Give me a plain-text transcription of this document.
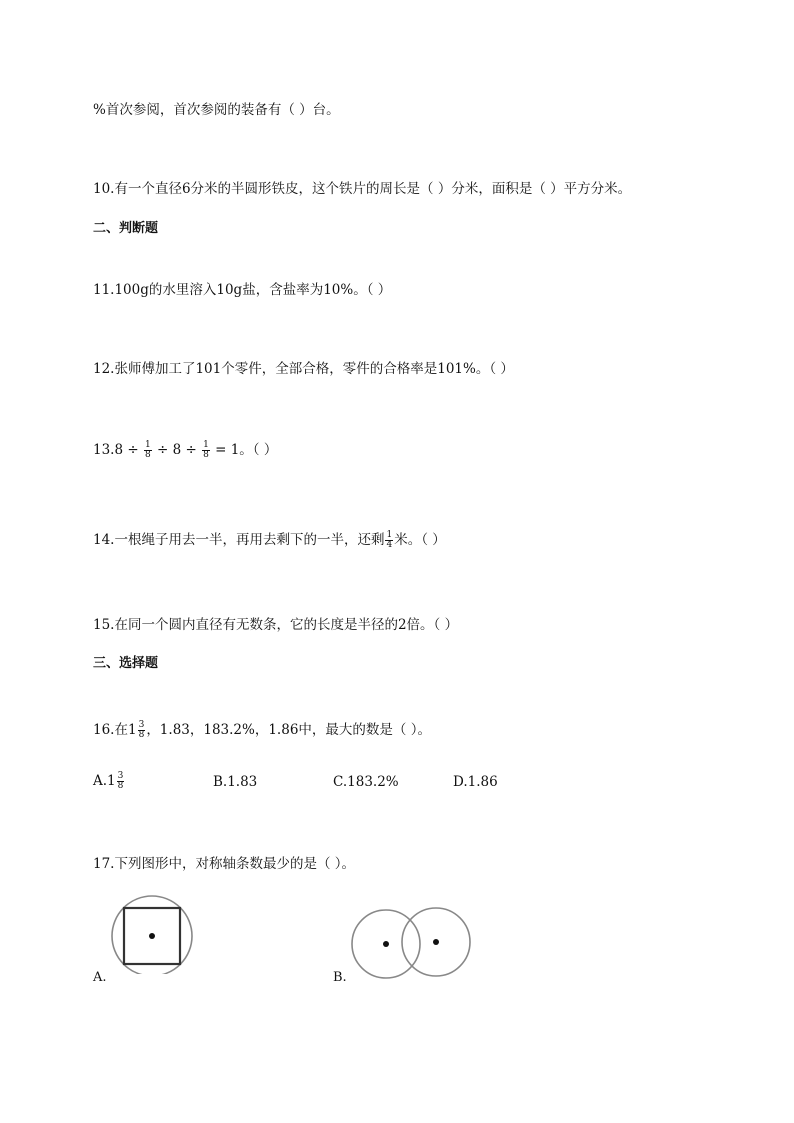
%首次参阅，首次参阅的装备有（ ）台。
10.有一个直径6分米的半圆形铁皮，这个铁片的周长是（ ）分米，面积是（ ）平方分米。
二、判断题
11.100g的水里溶入10g盐，含盐率为10%。（ ）
12.张师傅加工了101个零件，全部合格，零件的合格率是101%。（ ）
$13.8 \div \frac{1}{8} \div 8 \div \frac{1}{8} = 1$。（ ）
14.一根绳子用去一半，再用去剩下的一半，还剩 $\frac{1}{4}$ 米。（ ）
15.在同一个圆内直径有无数条，它的长度是半径的2倍。（ ）
三、选择题
16.在$1 \frac{3}{8}$ ，1.83，183.2%，1.86中，最大的数是（ ）。
$A.1 \frac{3}{8}$	B.1.83	C.183.2%	D.1.86
17.下列图形中，对称轴条数最少的是（ ）。
A.	B.
